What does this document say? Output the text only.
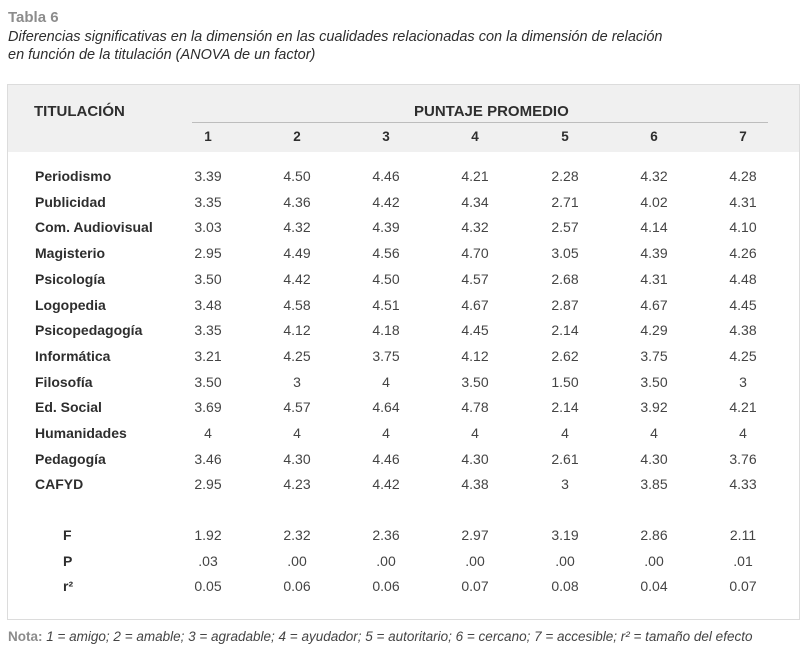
Tabla 6
Diferencias significativas en la dimensión en las cualidades relacionadas con la dimensión de relación
en función de la titulación (ANOVA de un factor)
TITULACIÓN	PUNTAJE PROMEDIO
1	2	3	4	5	6	7
Periodismo	3.39	4.50	4.46	4.21	2.28	4.32	4.28
Publicidad	3.35	4.36	4.42	4.34	2.71	4.02	4.31
Com. Audiovisual	3.03	4.32	4.39	4.32	2.57	4.14	4.10
Magisterio	2.95	4.49	4.56	4.70	3.05	4.39	4.26
Psicología	3.50	4.42	4.50	4.57	2.68	4.31	4.48
Logopedia	3.48	4.58	4.51	4.67	2.87	4.67	4.45
Psicopedagogía	3.35	4.12	4.18	4.45	2.14	4.29	4.38
Informática	3.21	4.25	3.75	4.12	2.62	3.75	4.25
Filosofía	3.50	3	4	3.50	1.50	3.50	3
Ed. Social	3.69	4.57	4.64	4.78	2.14	3.92	4.21
Humanidades	4	4	4	4	4	4	4
Pedagogía	3.46	4.30	4.46	4.30	2.61	4.30	3.76
CAFYD	2.95	4.23	4.42	4.38	3	3.85	4.33
F	1.92	2.32	2.36	2.97	3.19	2.86	2.11
P	.03	.00	.00	.00	.00	.00	.01
r²	0.05	0.06	0.06	0.07	0.08	0.04	0.07
Nota: 1 = amigo; 2 = amable; 3 = agradable; 4 = ayudador; 5 = autoritario; 6 = cercano; 7 = accesible; r² = tamaño del efecto
